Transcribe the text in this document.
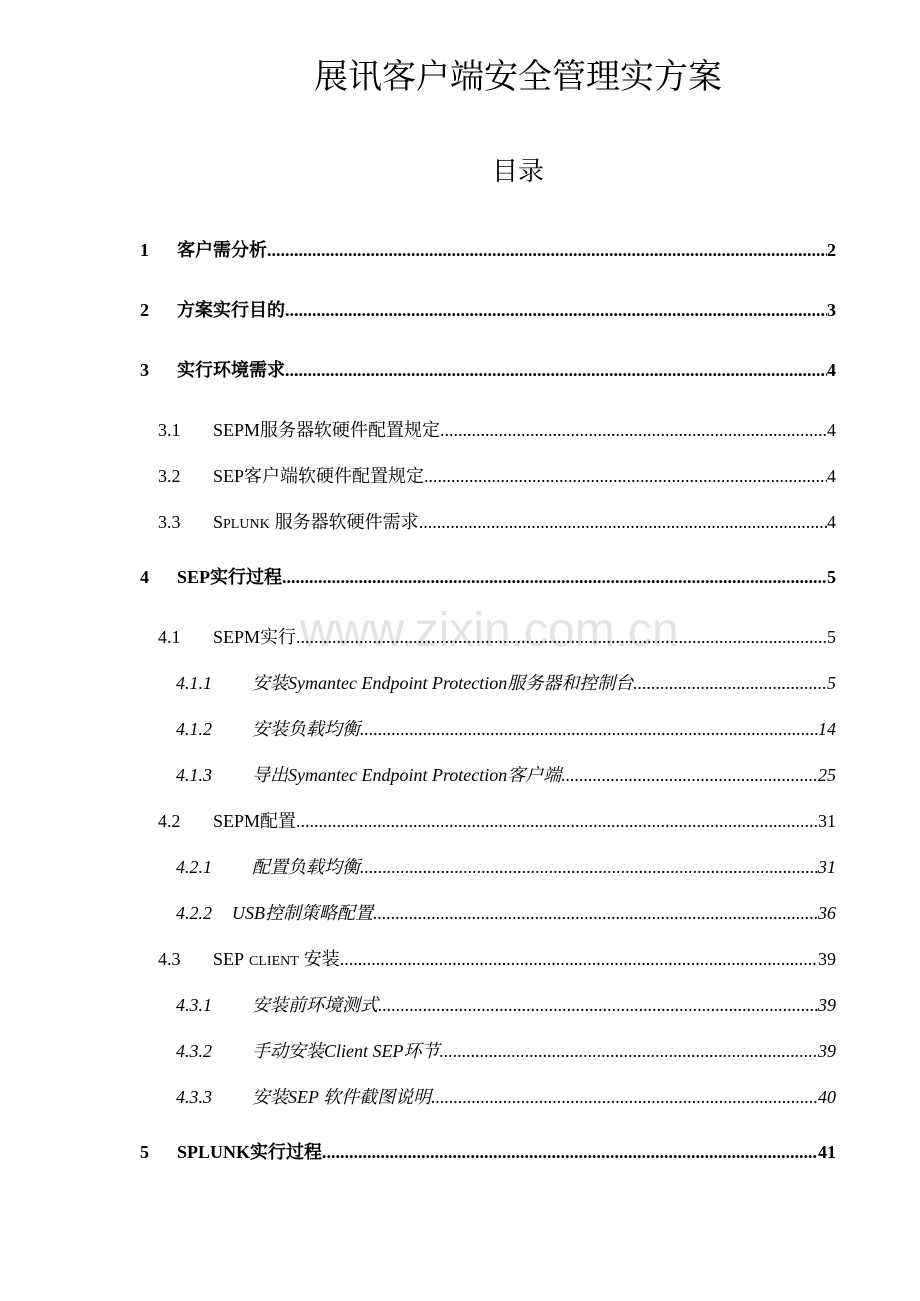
www.zixin.com.cn
展讯客户端安全管理实方案
目录
1	客户需分析 .....	2
2	方案实行目的 .....	3
3	实行环境需求 .....	4
3.1	SEPM服务器软硬件配置规定 .....	4
3.2	SEP客户端软硬件配置规定 .....	4
3.3	SPLUNK 服务器软硬件需求 .....	4
4	SEP实行过程 .....	5
4.1	SEPM实行 .....	5
4.1.1	安装Symantec Endpoint Protection服务器和控制台 .....	5
4.1.2	安装负载均衡 .....	14
4.1.3	导出Symantec Endpoint Protection客户端 .....	25
4.2	SEPM配置 .....	31
4.2.1	配置负载均衡 .....	31
4.2.2	USB控制策略配置 .....	36
4.3	SEP CLIENT 安装 .....	39
4.3.1	安装前环境测式 .....	39
4.3.2	手动安装Client SEP环节 .....	39
4.3.3	安装SEP 软件截图说明 .....	40
5	SPLUNK实行过程 .....	41
